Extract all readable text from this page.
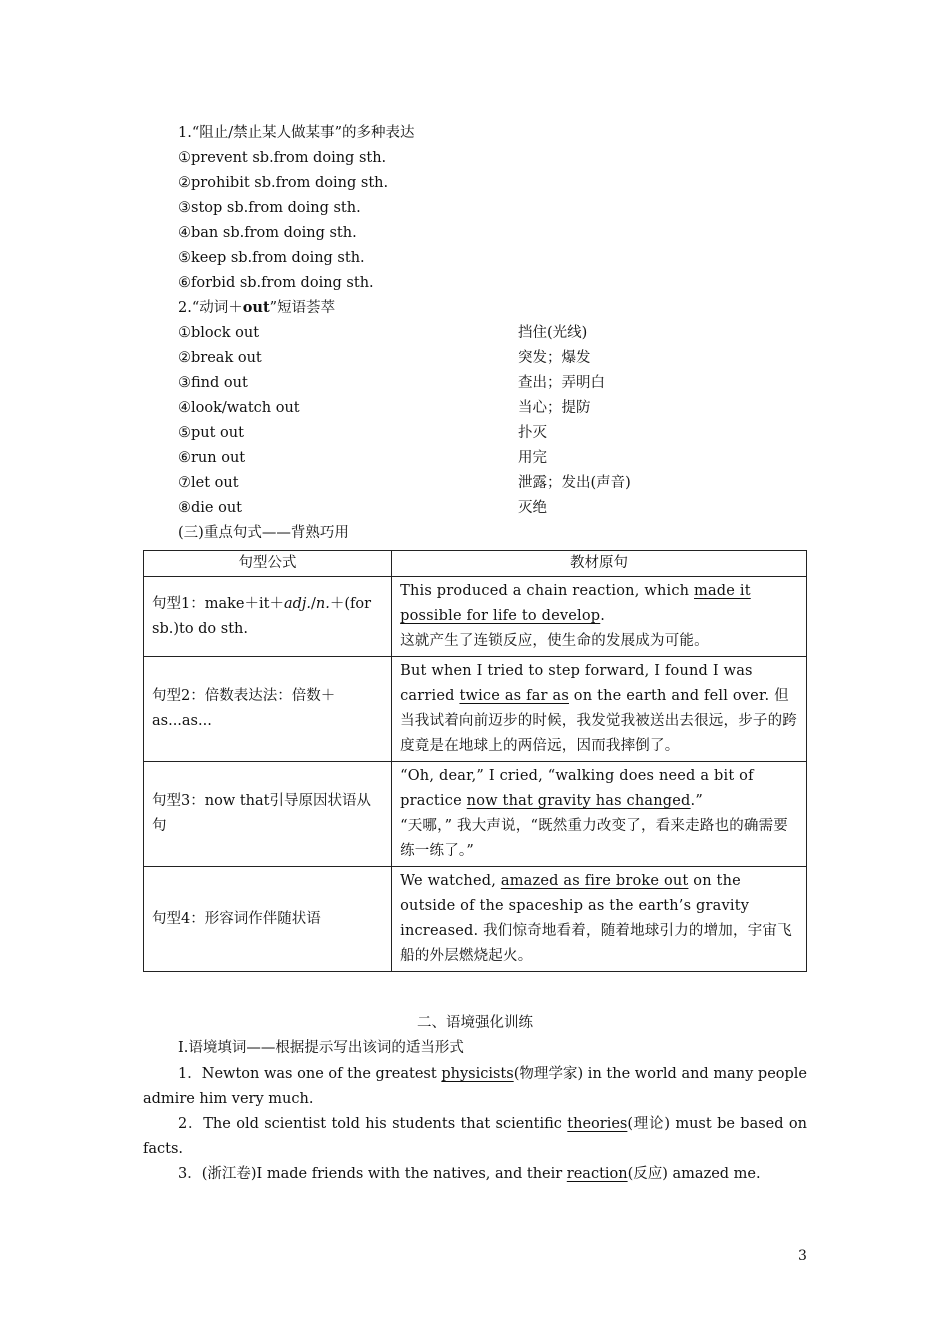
1.“阻止/禁止某人做某事”的多种表达
①prevent sb.from doing sth.
②prohibit sb.from doing sth.
③stop sb.from doing sth.
④ban sb.from doing sth.
⑤keep sb.from doing sth.
⑥forbid sb.from doing sth.
2.“动词＋out”短语荟萃
①block out	挡住(光线)
②break out	突发；爆发
③find out	查出；弄明白
④look/watch out	当心；提防
⑤put out	扑灭
⑥run out	用完
⑦let out	泄露；发出(声音)
⑧die out	灭绝
(三)重点句式——背熟巧用
句型公式	教材原句
句型1：make＋it＋adj./n.＋(for sb.)to do sth.	This produced a chain reaction, which made it possible for life to develop.
这就产生了连锁反应，使生命的发展成为可能。
句型2：倍数表达法：倍数＋as...as...	But when I tried to step forward, I found I was carried twice as far as on the earth and fell over. 但当我试着向前迈步的时候，我发觉我被送出去很远，步子的跨度竟是在地球上的两倍远，因而我摔倒了。
句型3：now that引导原因状语从句	“Oh, dear,” I cried, “walking does need a bit of practice now that gravity has changed.”
“天哪，” 我大声说，“既然重力改变了，看来走路也的确需要练一练了。”
句型4：形容词作伴随状语	We watched, amazed as fire broke out on the outside of the spaceship as the earth’s gravity increased. 我们惊奇地看着，随着地球引力的增加，宇宙飞船的外层燃烧起火。
二、语境强化训练
Ⅰ.语境填词——根据提示写出该词的适当形式
1．Newton was one of the greatest physicists(物理学家) in the world and many people admire him very much.
2．The old scientist told his students that scientific theories(理论) must be based on facts.
3．(浙江卷)I made friends with the natives, and their reaction(反应) amazed me.
3
